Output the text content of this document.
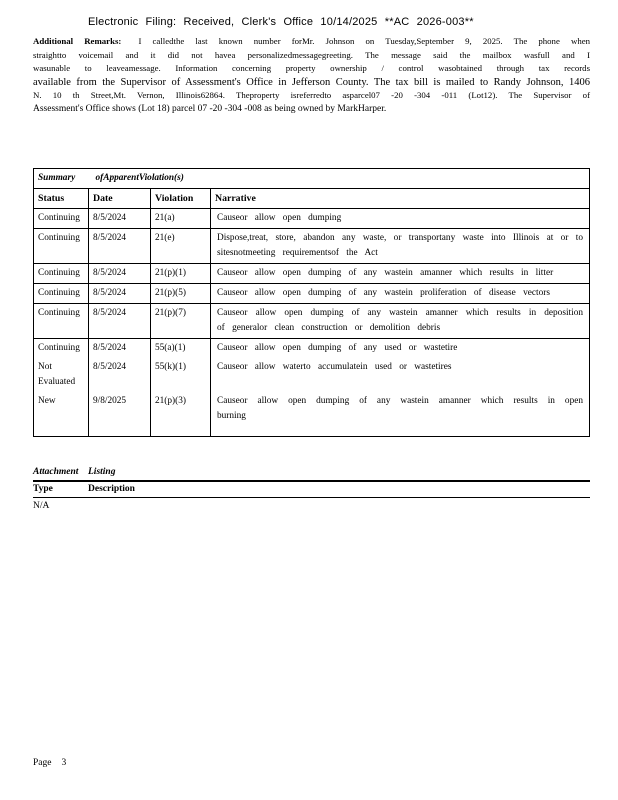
Electronic Filing: Received, Clerk's Office 10/14/2025 **AC 2026-003**
Additional Remarks: I calledthe last known number forMr. Johnson on Tuesday,September 9, 2025. The phone when
straightto voicemail and it did not havea personalizedmessagegreeting. The message said the mailbox wasfull and I
wasunable to leaveamessage. Information concerning property ownership / control wasobtained through tax records
available from the Supervisor of Assessment's Office in Jefferson County. The tax bill is mailed to Randy Johnson, 1406
N. 10 th Street,Mt. Vernon, Illinois62864. Theproperty isreferredto asparcel07 -20 -304 -011 (Lot12). The Supervisor of
Assessment's Office shows (Lot 18) parcel 07 -20 -304 -008 as being owned by MarkHarper.
Summary ofApparentViolation(s)			
Status	Date	Violation	Narrative
Continuing	8/5/2024	21(a)	Causeor allow open dumping
Continuing	8/5/2024	21(e)	Dispose,treat, store, abandon any waste, or transportany waste into Illinois at or to sitesnotmeeting requirementsof the Act
Continuing	8/5/2024	21(p)(1)	Causeor allow open dumping of any wastein amanner which results in litter
Continuing	8/5/2024	21(p)(5)	Causeor allow open dumping of any wastein proliferation of disease vectors
Continuing	8/5/2024	21(p)(7)	Causeor allow open dumping of any wastein amanner which results in deposition of generalor clean construction or demolition debris
Continuing	8/5/2024	55(a)(1)	Causeor allow open dumping of any used or wastetire
Not Evaluated	8/5/2024	55(k)(1)	Causeor allow waterto accumulatein used or wastetires
New	9/8/2025	21(p)(3)	Causeor allow open dumping of any wastein amanner which results in open burning
Attachment Listing
Type	Description
N/A
Page 3
